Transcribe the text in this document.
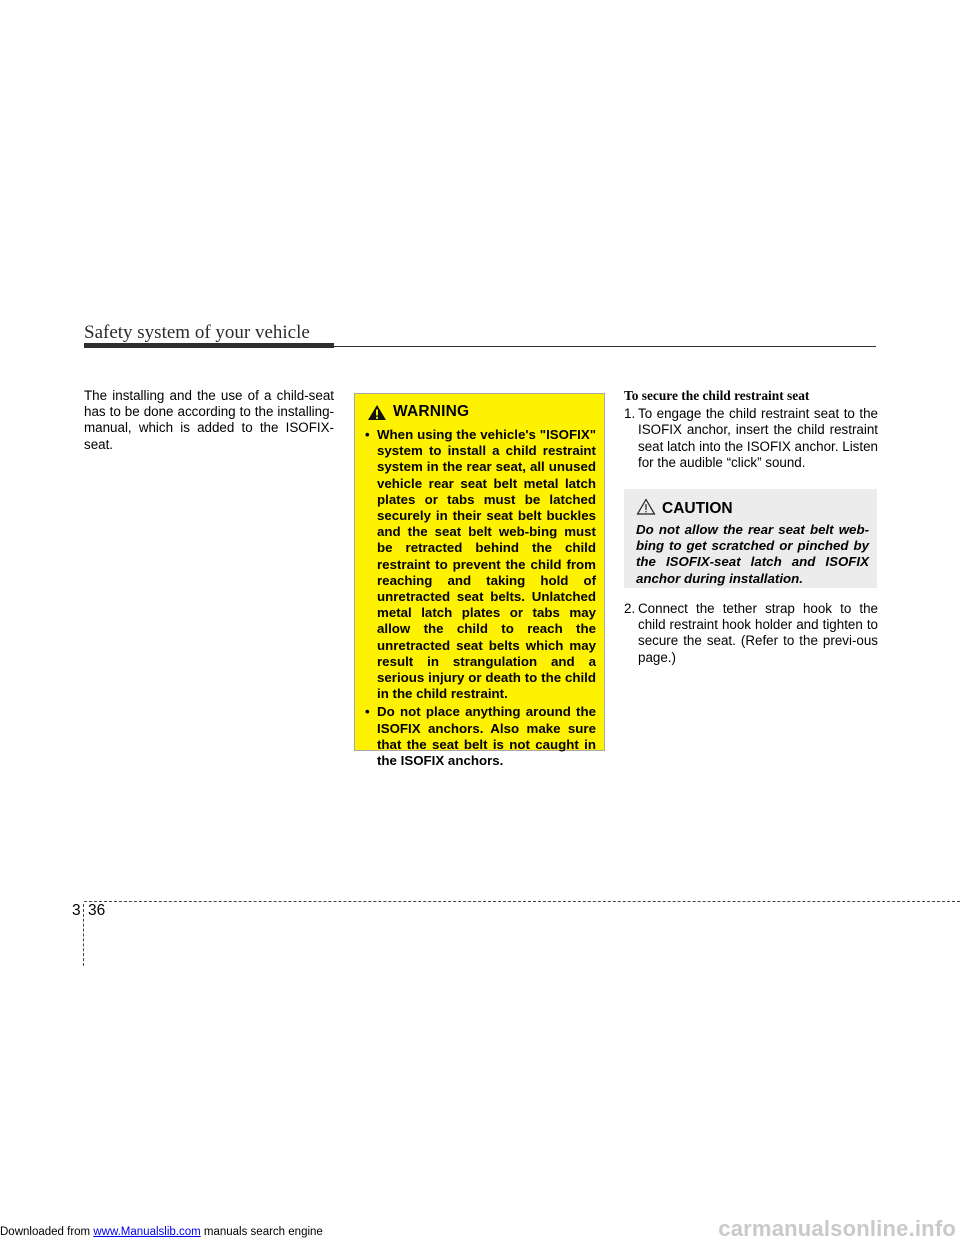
Safety system of your vehicle
The installing and the use of a child-seat has to be done according to the installing-manual, which is added to the ISOFIX-seat.
WARNING
• When using the vehicle's "ISOFIX" system to install a child restraint system in the rear seat, all unused vehicle rear seat belt metal latch plates or tabs must be latched securely in their seat belt buckles and the seat belt web-bing must be retracted behind the child restraint to prevent the child from reaching and taking hold of unretracted seat belts. Unlatched metal latch plates or tabs may allow the child to reach the unretracted seat belts which may result in strangulation and a serious injury or death to the child in the child restraint.
• Do not place anything around the ISOFIX anchors. Also make sure that the seat belt is not caught in the ISOFIX anchors.
To secure the child restraint seat
1. To engage the child restraint seat to the ISOFIX anchor, insert the child restraint seat latch into the ISOFIX anchor. Listen for the audible “click” sound.
CAUTION
Do not allow the rear seat belt web-bing to get scratched or pinched by the ISOFIX-seat latch and ISOFIX anchor during installation.
2. Connect the tether strap hook to the child restraint hook holder and tighten to secure the seat. (Refer to the previ-ous page.)
3 36
Downloaded from www.Manualslib.com manuals search engine	carmanualsonline.info
